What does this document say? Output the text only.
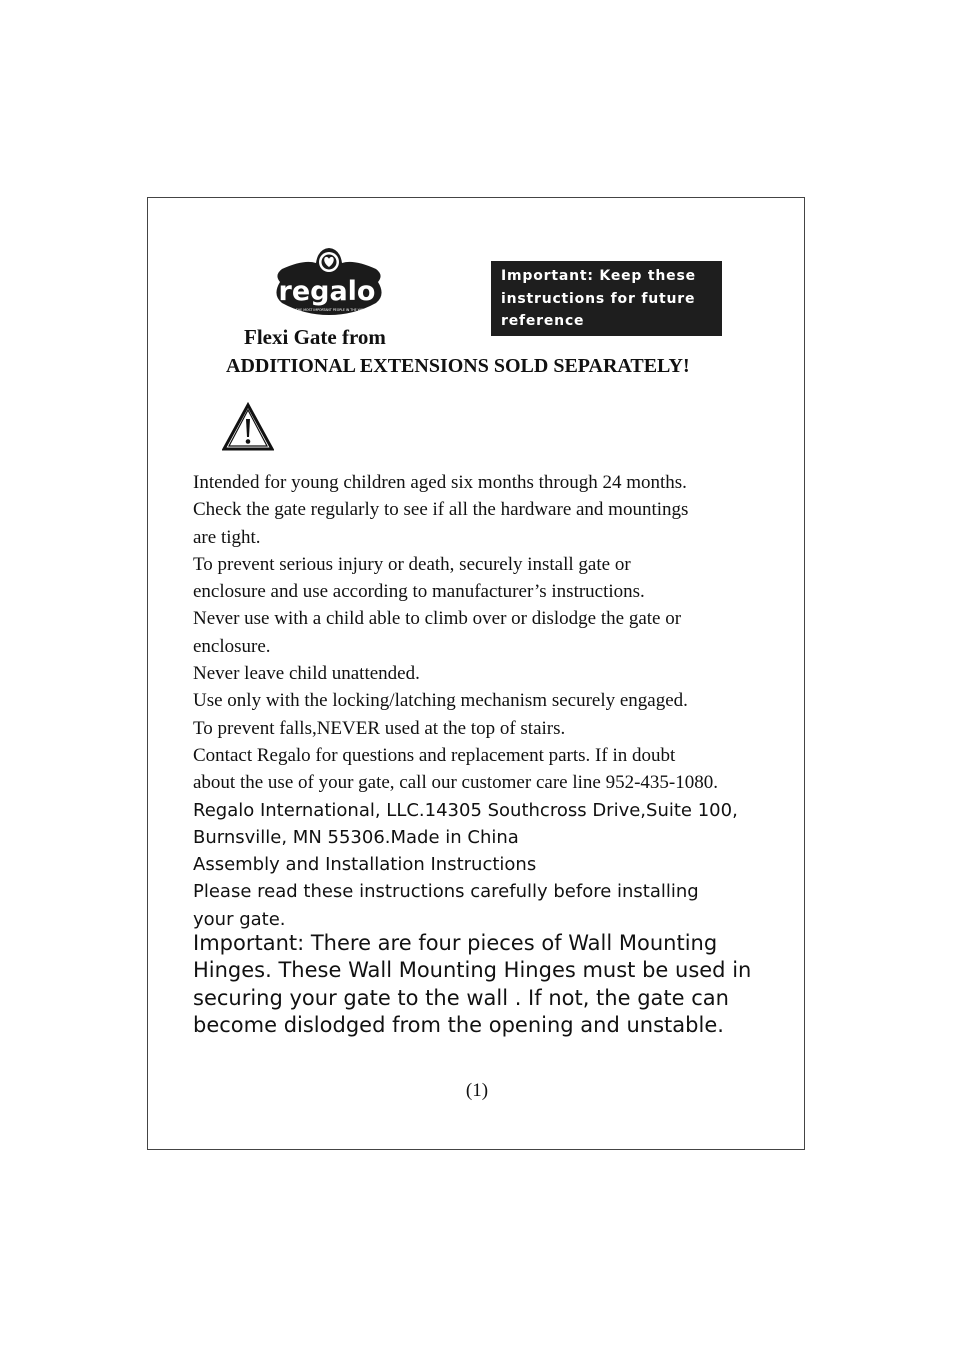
regalo ®
FOR THE MOST IMPORTANT PEOPLE IN THE WORLD
Important: Keep these
instructions for future
reference
Flexi Gate from
ADDITIONAL EXTENSIONS SOLD SEPARATELY!
Intended for young children aged six months through 24 months.
Check the gate regularly to see if all the hardware and mountings
are tight.
To prevent serious injury or death, securely install gate or
enclosure and use according to manufacturer’s instructions.
Never use with a child able to climb over or dislodge the gate or
enclosure.
Never leave child unattended.
Use only with the locking/latching mechanism securely engaged.
To prevent falls,NEVER used at the top of stairs.
Contact Regalo for questions and replacement parts. If in doubt
about the use of your gate, call our customer care line 952-435-1080.
Regalo International, LLC.14305 Southcross Drive,Suite 100,
Burnsville, MN 55306.Made in China
Assembly and Installation Instructions
Please read these instructions carefully before installing
your gate.
Important: There are four pieces of Wall Mounting
Hinges. These Wall Mounting Hinges must be used in
securing your gate to the wall . If not, the gate can
become dislodged from the opening and unstable.
(1)
